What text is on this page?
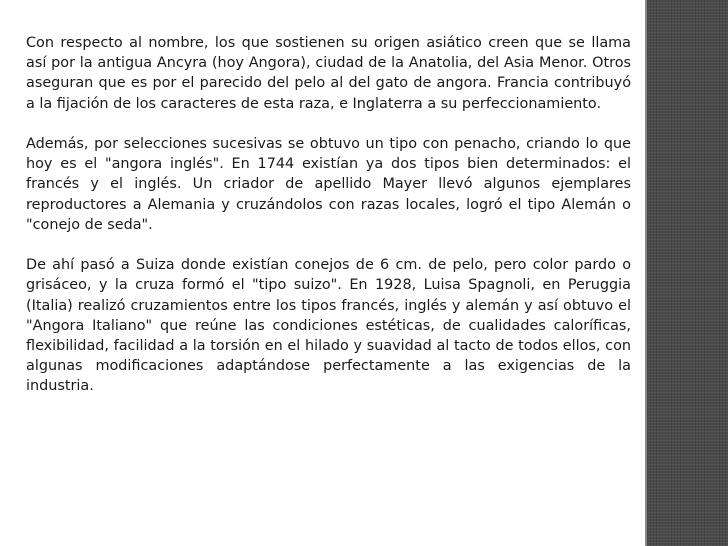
Con respecto al nombre, los que sostienen su origen asiático creen que se llama así por la antigua Ancyra (hoy Angora), ciudad de la Anatolia, del Asia Menor. Otros aseguran que es por el parecido del pelo al del gato de angora. Francia contribuyó a la fijación de los caracteres de esta raza, e Inglaterra a su perfeccionamiento.

Además, por selecciones sucesivas se obtuvo un tipo con penacho, criando lo que hoy es el "angora inglés". En 1744 existían ya dos tipos bien determinados: el francés y el inglés. Un criador de apellido Mayer llevó algunos ejemplares reproductores a Alemania y cruzándolos con razas locales, logró el tipo Alemán o "conejo de seda".

De ahí pasó a Suiza donde existían conejos de 6 cm. de pelo, pero color pardo o grisáceo, y la cruza formó el "tipo suizo". En 1928, Luisa Spagnoli, en Peruggia (Italia) realizó cruzamientos entre los tipos francés, inglés y alemán y así obtuvo el "Angora Italiano" que reúne las condiciones estéticas, de cualidades caloríficas, flexibilidad, facilidad a la torsión en el hilado y suavidad al tacto de todos ellos, con algunas modificaciones adaptándose perfectamente a las exigencias de la industria.
